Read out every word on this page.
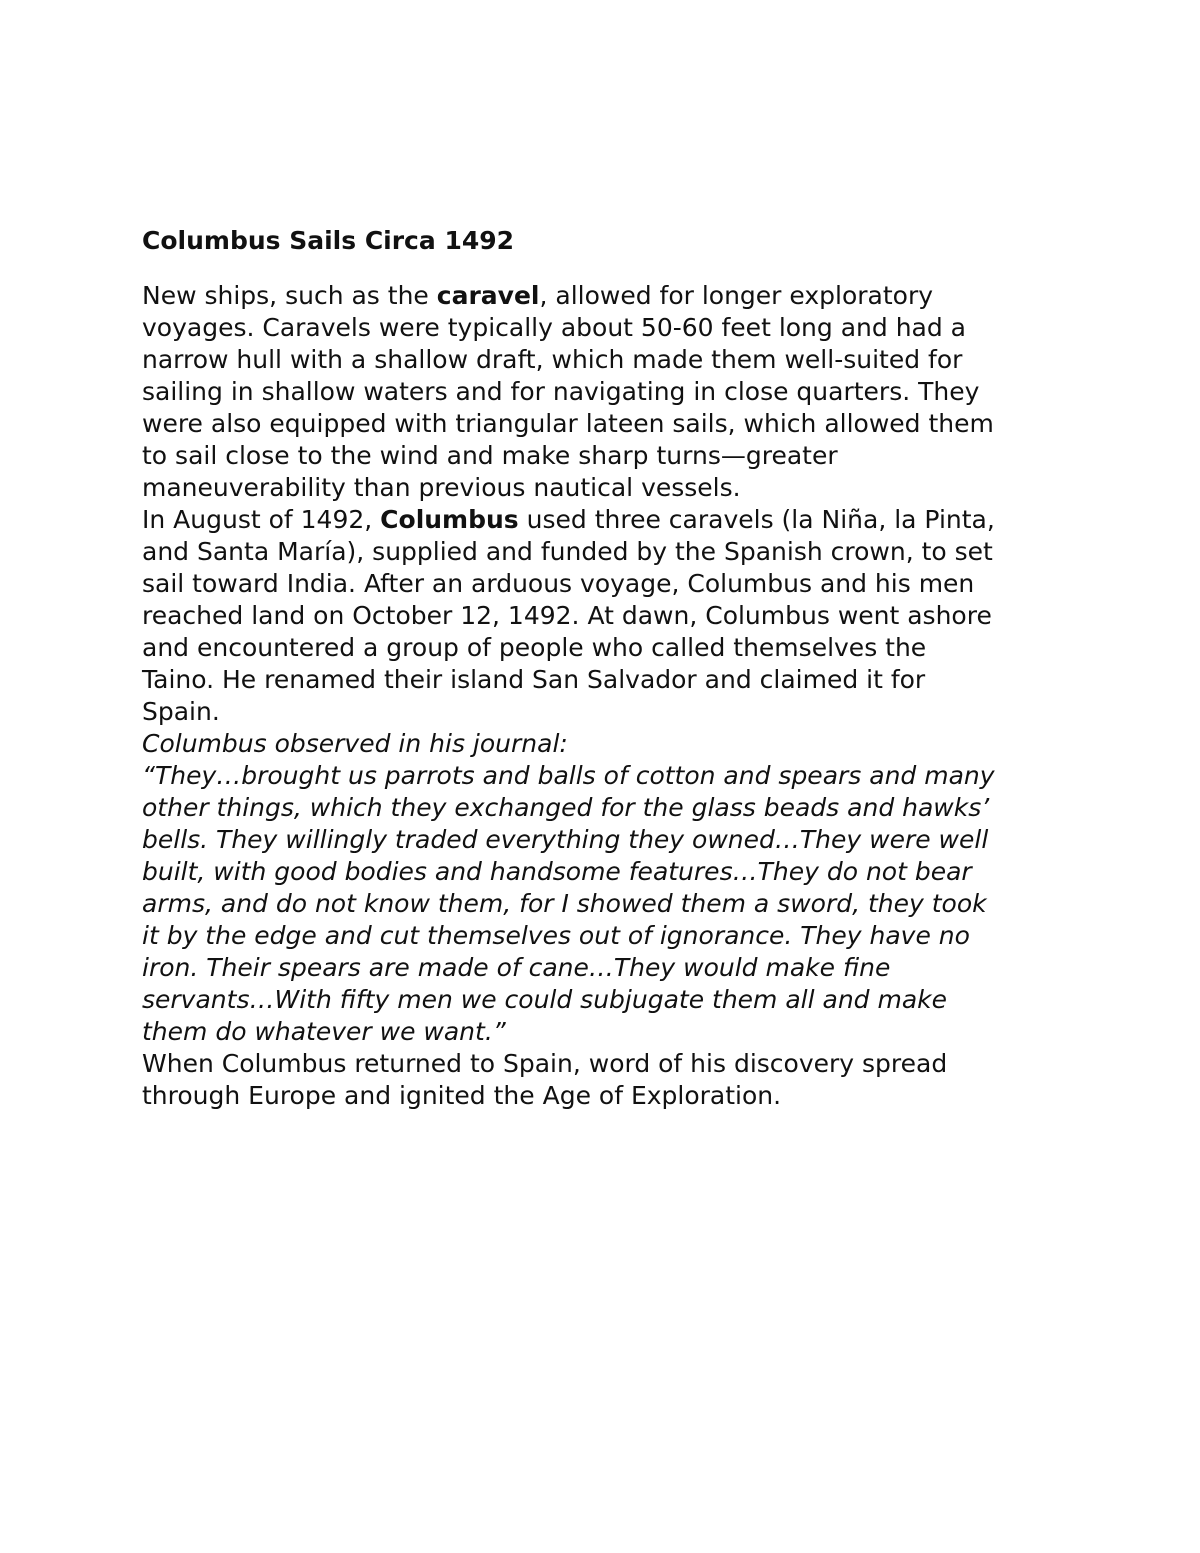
Columbus Sails Circa 1492
New ships, such as the caravel, allowed for longer exploratory
voyages. Caravels were typically about 50-60 feet long and had a
narrow hull with a shallow draft, which made them well-suited for
sailing in shallow waters and for navigating in close quarters. They
were also equipped with triangular lateen sails, which allowed them
to sail close to the wind and make sharp turns—greater
maneuverability than previous nautical vessels.
In August of 1492, Columbus used three caravels (la Niña, la Pinta,
and Santa María), supplied and funded by the Spanish crown, to set
sail toward India. After an arduous voyage, Columbus and his men
reached land on October 12, 1492. At dawn, Columbus went ashore
and encountered a group of people who called themselves the
Taino. He renamed their island San Salvador and claimed it for
Spain.
Columbus observed in his journal:
“They…brought us parrots and balls of cotton and spears and many
other things, which they exchanged for the glass beads and hawks’
bells. They willingly traded everything they owned…They were well
built, with good bodies and handsome features…They do not bear
arms, and do not know them, for I showed them a sword, they took
it by the edge and cut themselves out of ignorance. They have no
iron. Their spears are made of cane…They would make fine
servants…With fifty men we could subjugate them all and make
them do whatever we want.”
When Columbus returned to Spain, word of his discovery spread
through Europe and ignited the Age of Exploration.
